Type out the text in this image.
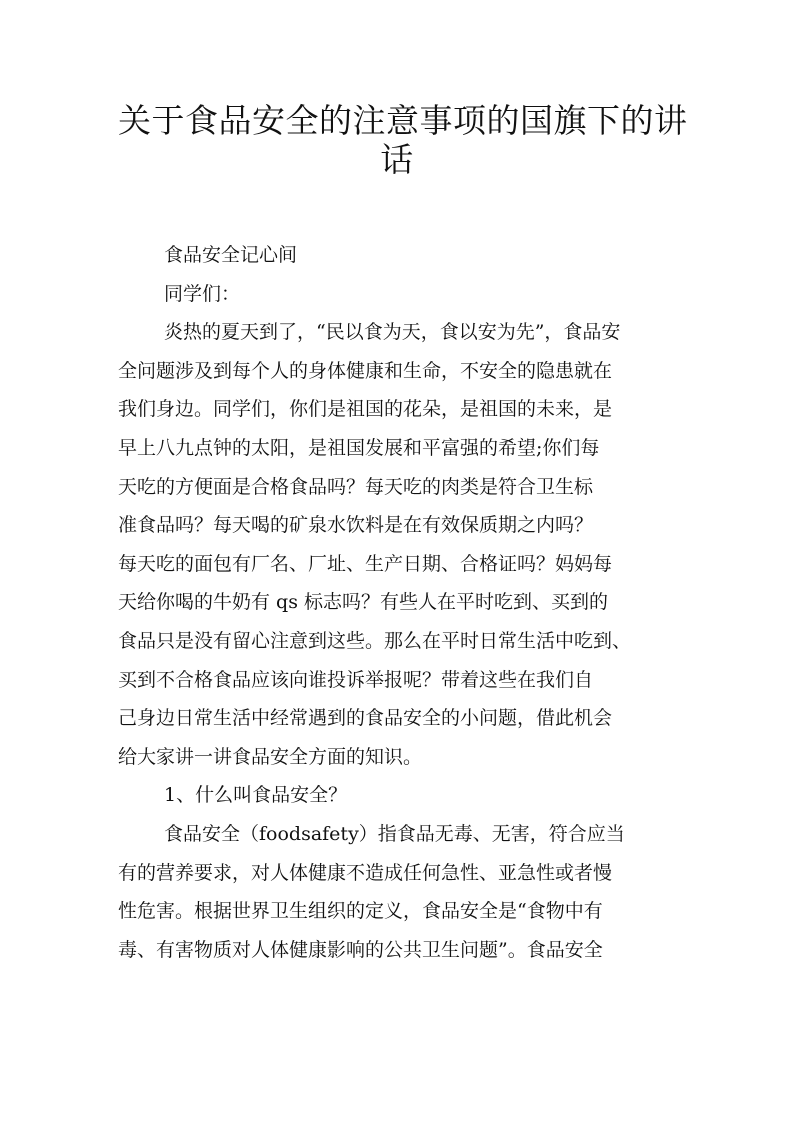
关于食品安全的注意事项的国旗下的讲
话
食品安全记心间
同学们：
炎热的夏天到了，“民以食为天，食以安为先”，食品安
全问题涉及到每个人的身体健康和生命，不安全的隐患就在
我们身边。同学们，你们是祖国的花朵，是祖国的未来，是
早上八九点钟的太阳，是祖国发展和平富强的希望;你们每
天吃的方便面是合格食品吗？每天吃的肉类是符合卫生标
准食品吗？每天喝的矿泉水饮料是在有效保质期之内吗？
每天吃的面包有厂名、厂址、生产日期、合格证吗？妈妈每
天给你喝的牛奶有 qs 标志吗？有些人在平时吃到、买到的
食品只是没有留心注意到这些。那么在平时日常生活中吃到、
买到不合格食品应该向谁投诉举报呢？带着这些在我们自
己身边日常生活中经常遇到的食品安全的小问题，借此机会
给大家讲一讲食品安全方面的知识。
1、什么叫食品安全？
食品安全（foodsafety）指食品无毒、无害，符合应当
有的营养要求，对人体健康不造成任何急性、亚急性或者慢
性危害。根据世界卫生组织的定义，食品安全是“食物中有
毒、有害物质对人体健康影响的公共卫生问题”。食品安全
